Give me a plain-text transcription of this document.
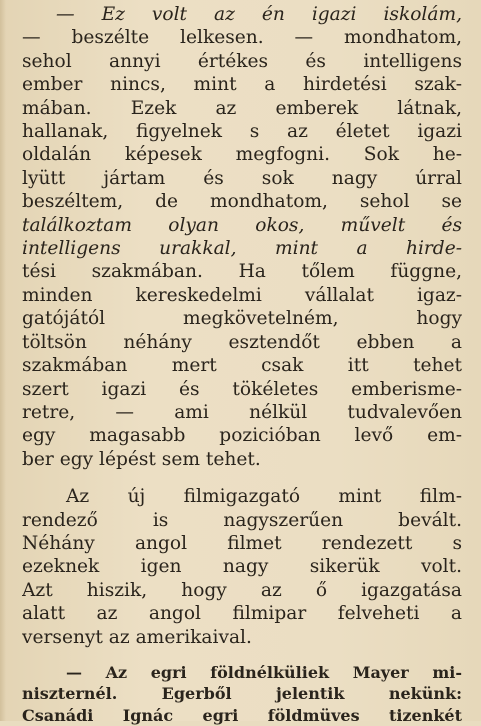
— Ez volt az én igazi iskolám,
— beszélte lelkesen. — mondhatom,
sehol annyi értékes és intelligens
ember nincs, mint a hirdetési szak-
mában. Ezek az emberek látnak,
hallanak, figyelnek s az életet igazi
oldalán képesek megfogni. Sok he-
lyütt jártam és sok nagy úrral
beszéltem, de mondhatom, sehol se
találkoztam olyan okos, művelt és
intelligens urakkal, mint a hirde-
tési szakmában. Ha tőlem függne,
minden kereskedelmi vállalat igaz-
gatójától megkövetelném, hogy
töltsön néhány esztendőt ebben a
szakmában mert csak itt tehet
szert igazi és tökéletes emberisme-
retre, — ami nélkül tudvalevően
egy magasabb pozicióban levő em-
ber egy lépést sem tehet.

Az új filmigazgató mint film-
rendező is nagyszerűen bevált.
Néhány angol filmet rendezett s
ezeknek igen nagy sikerük volt.
Azt hiszik, hogy az ő igazgatása
alatt az angol filmipar felveheti a
versenyt az amerikaival.

— Az egri földnélküliek Mayer mi-
niszternél. Egerből jelentik nekünk:
Csanádi Ignác egri földmüves tizenkét
